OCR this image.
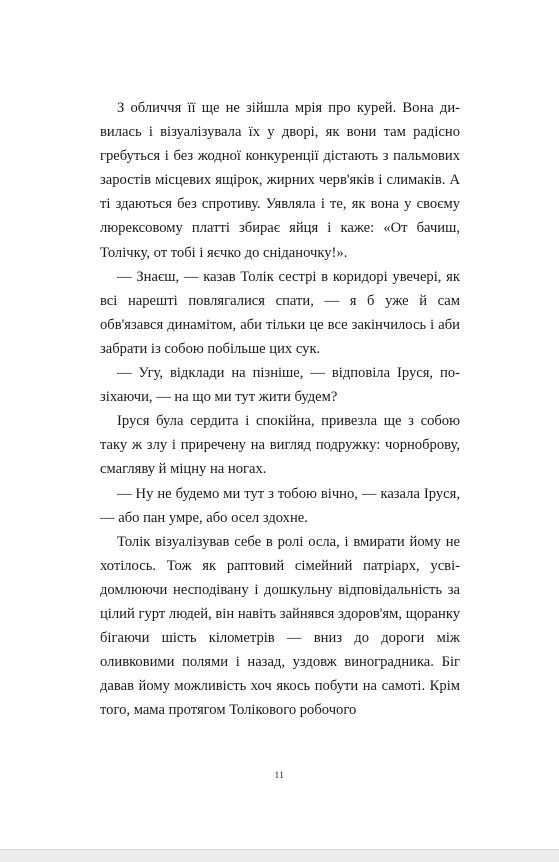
З обличчя її ще не зійшла мрія про курей. Вона дивилась і візуалізувала їх у дворі, як вони там радісно гребуться і без жодної конкуренції дістають з пальмових заростів місцевих ящірок, жирних черв'яків і слимаків. А ті здаються без спротиву. Уявляла і те, як вона у своєму люрексовому платті збирає яйця і каже: «От бачиш, Толічку, от тобі і яєчко до сніданочку!».

— Знаєш, — казав Толік сестрі в коридорі увечері, як всі нарешті повлягалися спати, — я б уже й сам обв'язався динамітом, аби тільки це все закінчилось і аби забрати із собою побільше цих сук.

— Угу, відклади на пізніше, — відповіла Іруся, позіхаючи, — на що ми тут жити будем?

Іруся була сердита і спокійна, привезла ще з собою таку ж злу і приречену на вигляд подружку: чорноброву, смагляву й міцну на ногах.

— Ну не будемо ми тут з тобою вічно, — казала Іруся, — або пан умре, або осел здохне.

Толік візуалізував себе в ролі осла, і вмирати йому не хотілось. Тож як раптовий сімейний патріарх, усвідомлюючи несподівану і дошкульну відповідальність за цілий гурт людей, він навіть зайнявся здоров'ям, щоранку бігаючи шість кілометрів — вниз до дороги між оливковими полями і назад, уздовж виноградника. Біг давав йому можливість хоч якось побути на самоті. Крім того, мама протягом Толікового робочого

11
